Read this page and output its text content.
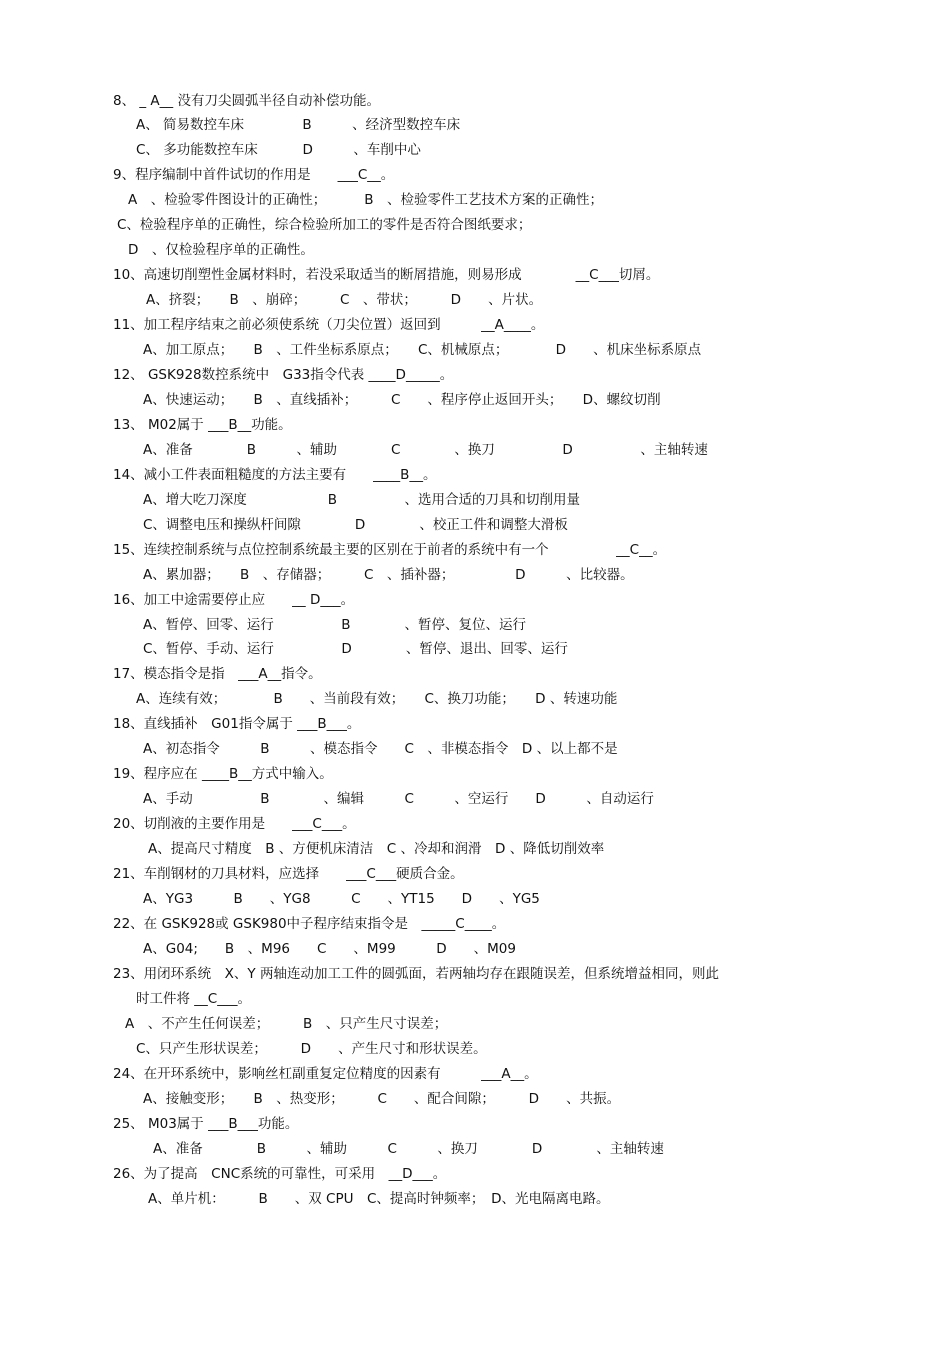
8、 _ A__ 没有刀尖圆弧半径自动补偿功能。
A、 简易数控车床　　　　 B　　　、经济型数控车床
C、 多功能数控车床　　　 D　　　、车削中心
9、程序编制中首件试切的作用是　　___C__。
A　、检验零件图设计的正确性；　　　 B　、检验零件工艺技术方案的正确性；
C、检验程序单的正确性，综合检验所加工的零件是否符合图纸要求；
D　、仅检验程序单的正确性。
10、高速切削塑性金属材料时，若没采取适当的断屑措施，则易形成　　　　__C___切屑。
A、挤裂；　　B　、崩碎；　　　C　、带状；　　　D　　、片状。
11、加工程序结束之前必须使系统（刀尖位置）返回到　　　__A____。
A、加工原点；　　B　、工件坐标系原点；　　C、机械原点；　　　　D　　、机床坐标系原点
12、 GSK928数控系统中　G33指令代表 ____D_____。
A、快速运动；　　B　、直线插补；　　　C　　、程序停止返回开头；　　D、螺纹切削
13、 M02属于 ___B__功能。
A、准备　　　　B　　　、辅助　　　　C　　　　、换刀　　　　　D　　　　　、主轴转速
14、减小工件表面粗糙度的方法主要有　　____B__。
A、增大吃刀深度　　　　　　B　　　　　、选用合适的刀具和切削用量
C、调整电压和操纵杆间隙　　　　D　　　　、校正工件和调整大滑板
15、连续控制系统与点位控制系统最主要的区别在于前者的系统中有一个　　　　　__C__。
A、累加器；　　B　、存储器；　　　C　、插补器；　　　　　D　　　、比较器。
16、加工中途需要停止应　　__ D___。
A、暂停、回零、运行　　　　　B　　　　、暂停、复位、运行
C、暂停、手动、运行　　　　　D　　　　、暂停、退出、回零、运行
17、模态指令是指　___A__指令。
A、连续有效；　　　　B　　、当前段有效；　　C、换刀功能；　　D 、转速功能
18、直线插补　G01指令属于 ___B___。
A、初态指令　　　B　　　、模态指令　　C　、非模态指令　D 、以上都不是
19、程序应在 ____B__方式中输入。
A、手动　　　　　B　　　　、编辑　　　C　　　、空运行　　D　　　、自动运行
20、切削液的主要作用是　　___C___。
A、提高尺寸精度　B 、方便机床清洁　C 、冷却和润滑　D 、降低切削效率
21、车削钢材的刀具材料，应选择　　___C___硬质合金。
A、YG3　　　B　　、YG8　　　C　　、YT15　　D　　、YG5
22、在 GSK928或 GSK980中子程序结束指令是　_____C____。
A、G04;　　B　、M96　　C　　、M99　　　D　　、M09
23、用闭环系统　X、Y 两轴连动加工工件的圆弧面，若两轴均存在跟随误差，但系统增益相同，则此
时工件将 __C___。
A　、不产生任何误差；　　　B　、只产生尺寸误差；
C、只产生形状误差；　　　D　　、产生尺寸和形状误差。
24、在开环系统中，影响丝杠副重复定位精度的因素有　　　___A__。
A、接触变形；　　B　、热变形；　　　C　　、配合间隙；　　　D　　、共振。
25、 M03属于 ___B___功能。
A、准备　　　　B　　　、辅助　　　C　　　、换刀　　　　D　　　　、主轴转速
26、为了提高　CNC系统的可靠性，可采用　__D___。
A、单片机：　　　B　　、双 CPU　C、提高时钟频率；　D、光电隔离电路。
